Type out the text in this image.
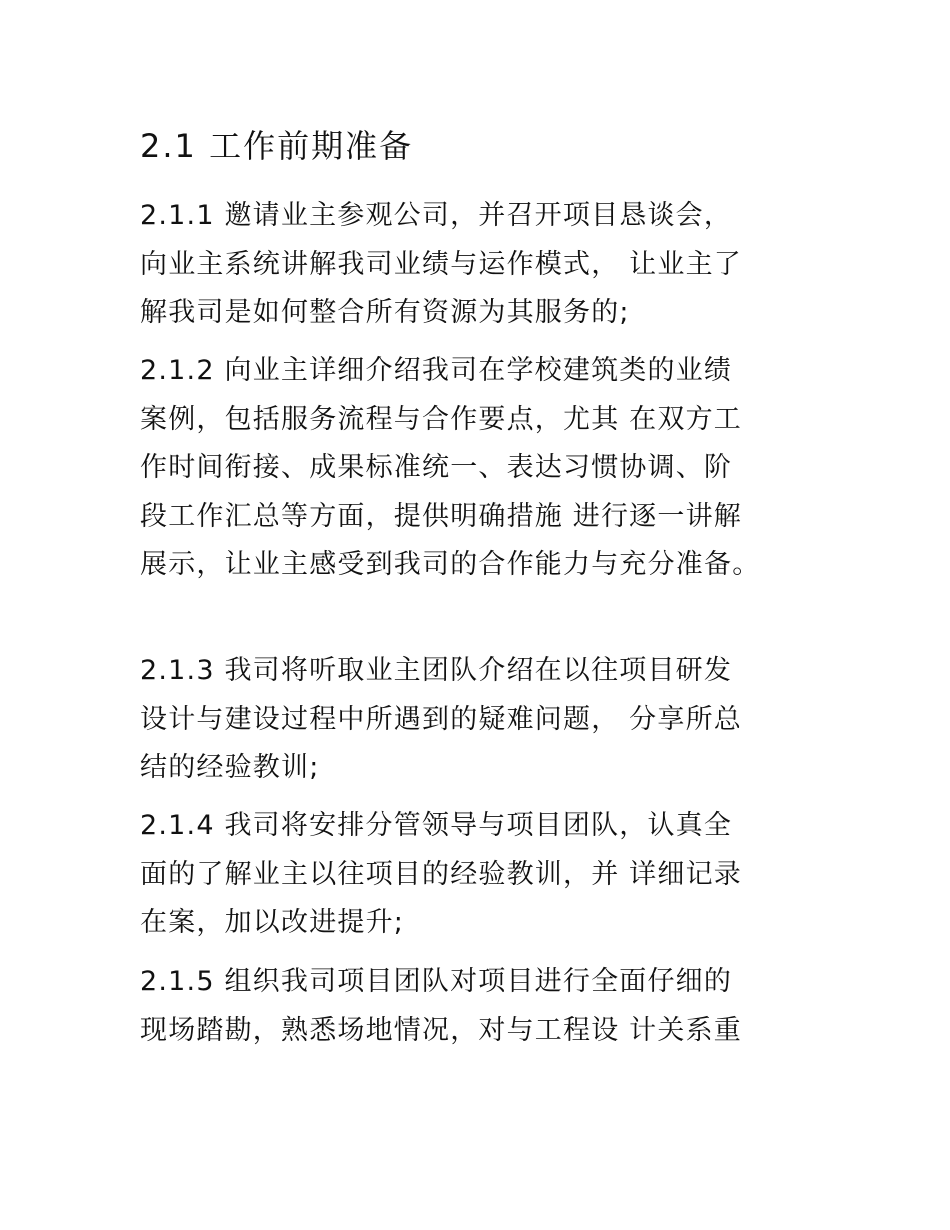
2.1 工作前期准备

2.1.1 邀请业主参观公司，并召开项目恳谈会，
向业主系统讲解我司业绩与运作模式， 让业主了
解我司是如何整合所有资源为其服务的;

2.1.2 向业主详细介绍我司在学校建筑类的业绩
案例，包括服务流程与合作要点，尤其 在双方工
作时间衔接、成果标准统一、表达习惯协调、阶
段工作汇总等方面，提供明确措施 进行逐一讲解
展示，让业主感受到我司的合作能力与充分准备。

2.1.3 我司将听取业主团队介绍在以往项目研发
设计与建设过程中所遇到的疑难问题， 分享所总
结的经验教训;

2.1.4 我司将安排分管领导与项目团队，认真全
面的了解业主以往项目的经验教训，并 详细记录
在案，加以改进提升;

2.1.5 组织我司项目团队对项目进行全面仔细的
现场踏勘，熟悉场地情况，对与工程设 计关系重
